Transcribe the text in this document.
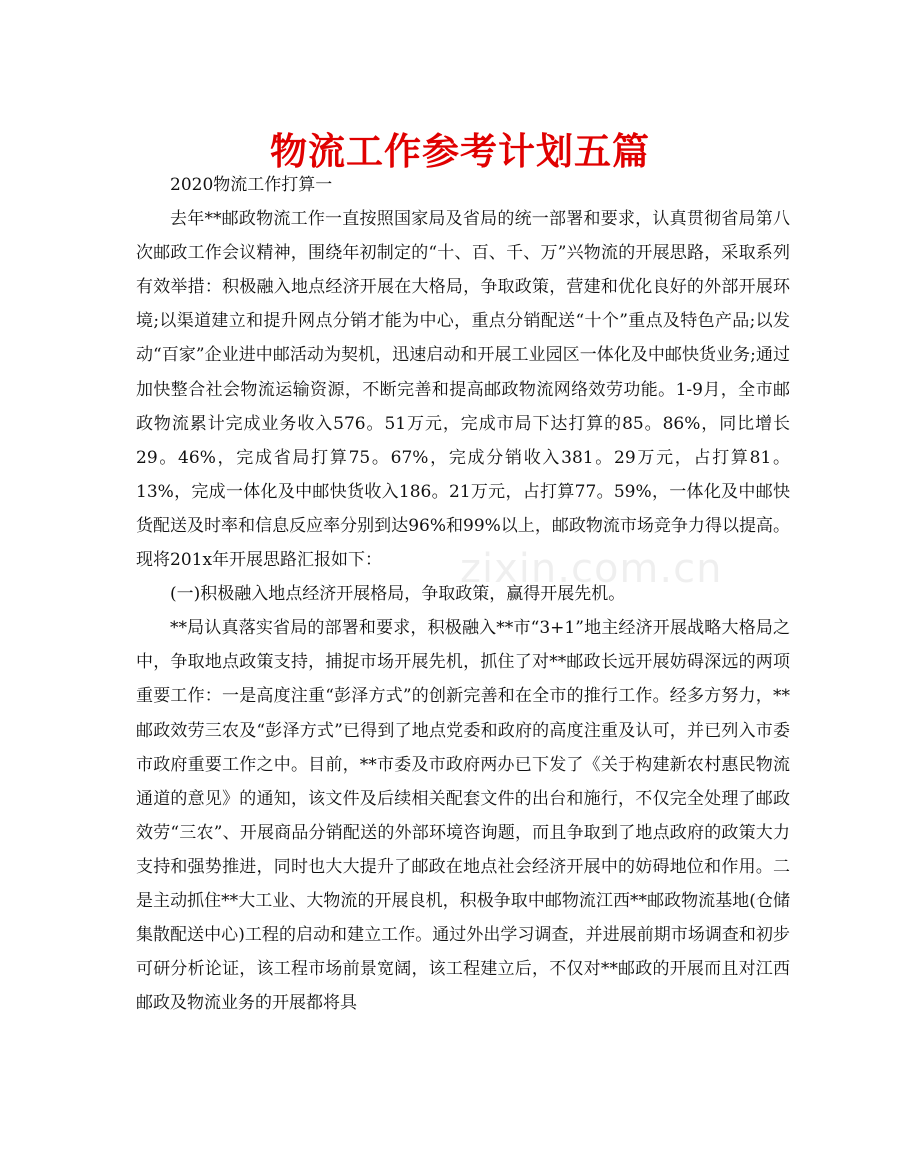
物流工作参考计划五篇

2020物流工作打算一

去年**邮政物流工作一直按照国家局及省局的统一部署和要求，认真贯彻省局第八次邮政工作会议精神，围绕年初制定的“十、百、千、万”兴物流的开展思路，采取系列有效举措：积极融入地点经济开展在大格局，争取政策，营建和优化良好的外部开展环境;以渠道建立和提升网点分销才能为中心，重点分销配送“十个”重点及特色产品;以发动“百家”企业进中邮活动为契机，迅速启动和开展工业园区一体化及中邮快货业务;通过加快整合社会物流运输资源，不断完善和提高邮政物流网络效劳功能。1-9月，全市邮政物流累计完成业务收入576。51万元，完成市局下达打算的85。86%，同比增长29。46%，完成省局打算75。67%，完成分销收入381。29万元，占打算81。13%，完成一体化及中邮快货收入186。21万元，占打算77。59%，一体化及中邮快货配送及时率和信息反应率分别到达96%和99%以上，邮政物流市场竞争力得以提高。现将201x年开展思路汇报如下：

(一)积极融入地点经济开展格局，争取政策，赢得开展先机。

**局认真落实省局的部署和要求，积极融入**市“3+1”地主经济开展战略大格局之中，争取地点政策支持，捕捉市场开展先机，抓住了对**邮政长远开展妨碍深远的两项重要工作：一是高度注重“彭泽方式”的创新完善和在全市的推行工作。经多方努力，**邮政效劳三农及“彭泽方式”已得到了地点党委和政府的高度注重及认可，并已列入市委市政府重要工作之中。目前，**市委及市政府两办已下发了《关于构建新农村惠民物流通道的意见》的通知，该文件及后续相关配套文件的出台和施行，不仅完全处理了邮政效劳“三农”、开展商品分销配送的外部环境咨询题，而且争取到了地点政府的政策大力支持和强势推进，同时也大大提升了邮政在地点社会经济开展中的妨碍地位和作用。二是主动抓住**大工业、大物流的开展良机，积极争取中邮物流江西**邮政物流基地(仓储集散配送中心)工程的启动和建立工作。通过外出学习调查，并进展前期市场调查和初步可研分析论证，该工程市场前景宽阔，该工程建立后，不仅对**邮政的开展而且对江西邮政及物流业务的开展都将具

zixin.com.cn
